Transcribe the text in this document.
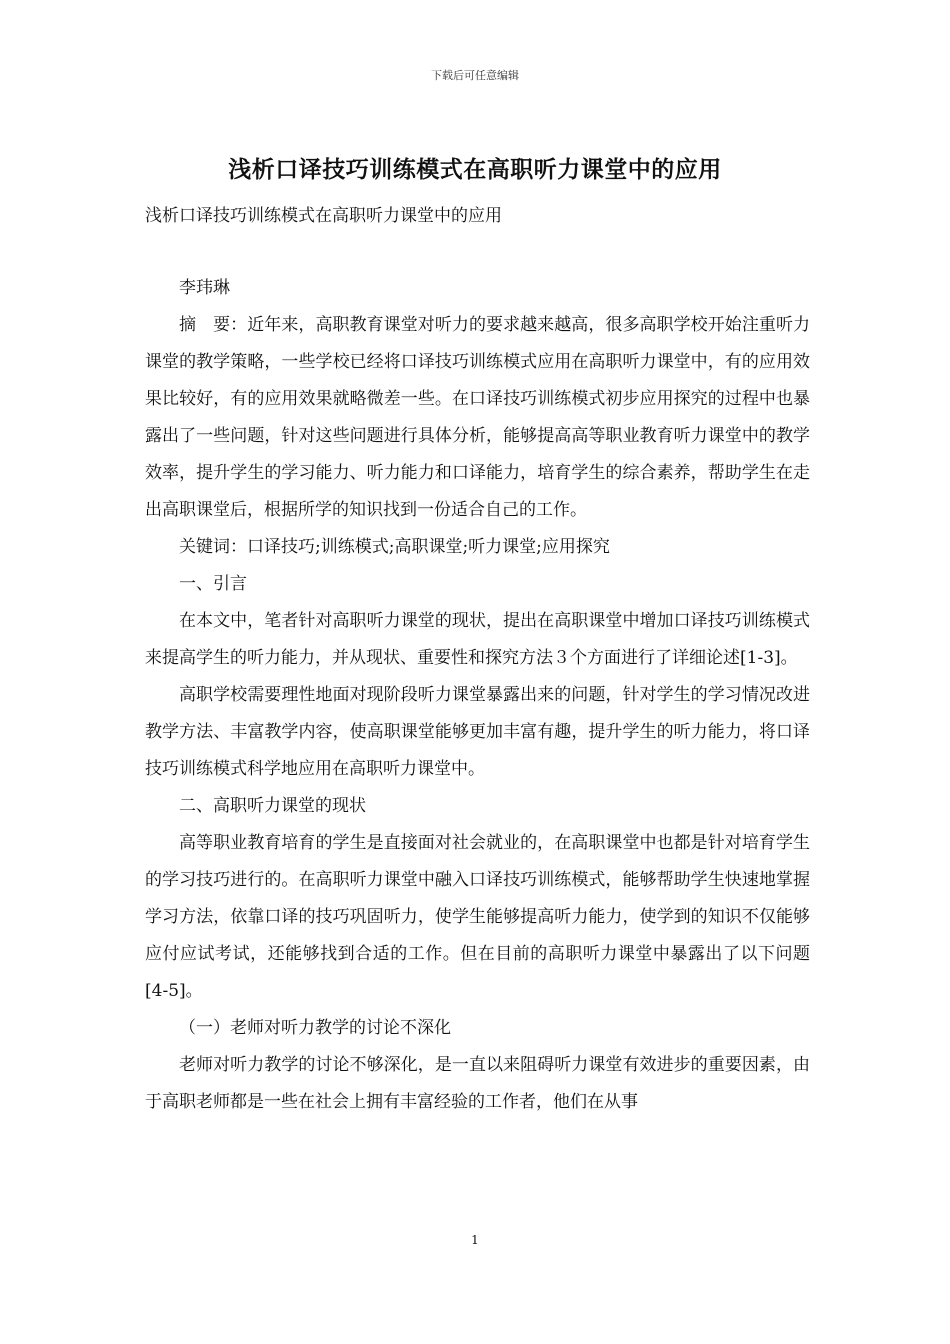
下载后可任意编辑
浅析口译技巧训练模式在高职听力课堂中的应用
浅析口译技巧训练模式在高职听力课堂中的应用

李玮琳

摘　要：近年来，高职教育课堂对听力的要求越来越高，很多高职学校开始注重听力课堂的教学策略，一些学校已经将口译技巧训练模式应用在高职听力课堂中，有的应用效果比较好，有的应用效果就略微差一些。在口译技巧训练模式初步应用探究的过程中也暴露出了一些问题，针对这些问题进行具体分析，能够提高高等职业教育听力课堂中的教学效率，提升学生的学习能力、听力能力和口译能力，培育学生的综合素养，帮助学生在走出高职课堂后，根据所学的知识找到一份适合自己的工作。

关键词：口译技巧;训练模式;高职课堂;听力课堂;应用探究

一、引言

在本文中，笔者针对高职听力课堂的现状，提出在高职课堂中增加口译技巧训练模式来提高学生的听力能力，并从现状、重要性和探究方法３个方面进行了详细论述[1-3]。

高职学校需要理性地面对现阶段听力课堂暴露出来的问题，针对学生的学习情况改进教学方法、丰富教学内容，使高职课堂能够更加丰富有趣，提升学生的听力能力，将口译技巧训练模式科学地应用在高职听力课堂中。

二、高职听力课堂的现状

高等职业教育培育的学生是直接面对社会就业的，在高职课堂中也都是针对培育学生的学习技巧进行的。在高职听力课堂中融入口译技巧训练模式，能够帮助学生快速地掌握学习方法，依靠口译的技巧巩固听力，使学生能够提高听力能力，使学到的知识不仅能够应付应试考试，还能够找到合适的工作。但在目前的高职听力课堂中暴露出了以下问题[4-5]。

（一）老师对听力教学的讨论不深化

老师对听力教学的讨论不够深化，是一直以来阻碍听力课堂有效进步的重要因素，由于高职老师都是一些在社会上拥有丰富经验的工作者，他们在从事

1
